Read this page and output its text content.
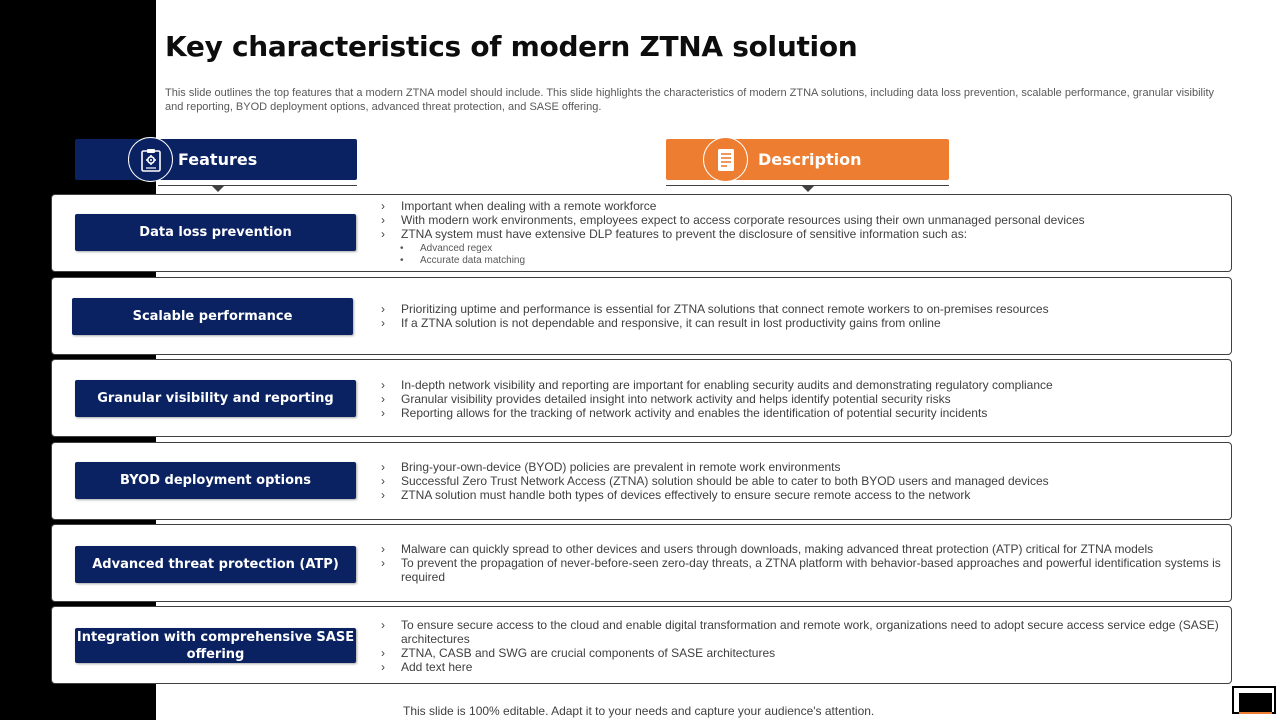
Key characteristics of modern ZTNA solution
This slide outlines the top features that a modern ZTNA model should include. This slide highlights the characteristics of modern ZTNA solutions, including data loss prevention, scalable performance, granular visibility and reporting, BYOD deployment options, advanced threat protection, and SASE offering.
Features	Description
Data loss prevention
› Important when dealing with a remote workforce
› With modern work environments, employees expect to access corporate resources using their own unmanaged personal devices
› ZTNA system must have extensive DLP features to prevent the disclosure of sensitive information such as:
• Advanced regex
• Accurate data matching
Scalable performance
›	Prioritizing uptime and performance is essential for ZTNA solutions that connect remote workers to on-premises resources
› If a ZTNA solution is not dependable and responsive, it can result in lost productivity gains from online
Granular visibility and reporting
› In-depth network visibility and reporting are important for enabling security audits and demonstrating regulatory compliance
› Granular visibility provides detailed insight into network activity and helps identify potential security risks
› Reporting allows for the tracking of network activity and enables the identification of potential security incidents
BYOD deployment options
› Bring-your-own-device (BYOD) policies are prevalent in remote work environments
› Successful Zero Trust Network Access (ZTNA) solution should be able to cater to both BYOD users and managed devices
› ZTNA solution must handle both types of devices effectively to ensure secure remote access to the network
Advanced threat protection (ATP)
› Malware can quickly spread to other devices and users through downloads, making advanced threat protection (ATP) critical for ZTNA models
› To prevent the propagation of never-before-seen zero-day threats, a ZTNA platform with behavior-based approaches and powerful identification systems is required
Integration with comprehensive SASE offering
› To ensure secure access to the cloud and enable digital transformation and remote work, organizations need to adopt secure access service edge (SASE) architectures
› ZTNA, CASB and SWG are crucial components of SASE architectures
› Add text here
This slide is 100% editable. Adapt it to your needs and capture your audience's attention.
